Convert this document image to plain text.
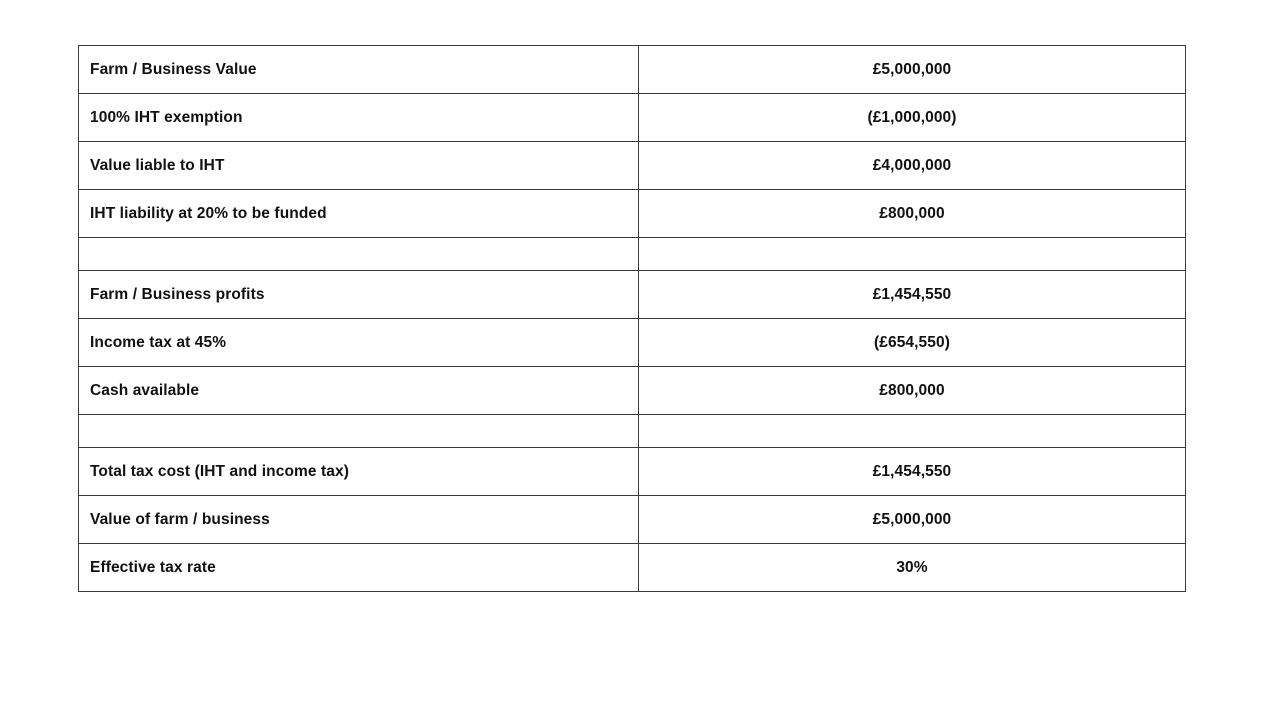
Farm / Business Value	£5,000,000
100% IHT exemption	(£1,000,000)
Value liable to IHT	£4,000,000
IHT liability at 20% to be funded	£800,000

Farm / Business profits	£1,454,550
Income tax at 45%	(£654,550)
Cash available	£800,000

Total tax cost (IHT and income tax)	£1,454,550
Value of farm / business	£5,000,000
Effective tax rate	30%
